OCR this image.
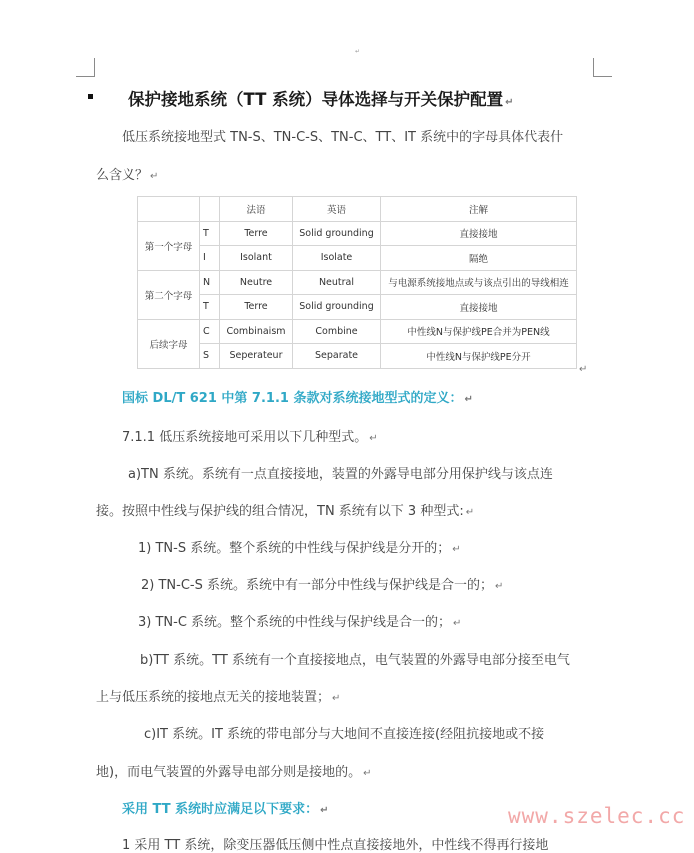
↵
保护接地系统（TT 系统）导体选择与开关保护配置 ↵
低压系统接地型式 TN-S、TN-C-S、TN-C、TT、IT 系统中的字母具体代表什
么含义？ ↵
		法语	英语	注解
第一个字母	T	Terre	Solid grounding	直接接地
	I	Isolant	Isolate	隔绝
第二个字母	N	Neutre	Neutral	与电源系统接地点或与该点引出的导线相连
	T	Terre	Solid grounding	直接接地
后续字母	C	Combinaism	Combine	中性线N与保护线PE合并为PEN线
	S	Seperateur	Separate	中性线N与保护线PE分开
↵
国标 DL/T 621 中第 7.1.1 条款对系统接地型式的定义： ↵
7.1.1 低压系统接地可采用以下几种型式。 ↵
a)TN 系统。系统有一点直接接地，装置的外露导电部分用保护线与该点连
接。按照中性线与保护线的组合情况，TN 系统有以下 3 种型式: ↵
1) TN-S 系统。整个系统的中性线与保护线是分开的； ↵
2) TN-C-S 系统。系统中有一部分中性线与保护线是合一的； ↵
3) TN-C 系统。整个系统的中性线与保护线是合一的； ↵
b)TT 系统。TT 系统有一个直接接地点，电气装置的外露导电部分接至电气
上与低压系统的接地点无关的接地装置； ↵
c)IT 系统。IT 系统的带电部分与大地间不直接连接(经阻抗接地或不接
地)，而电气装置的外露导电部分则是接地的。 ↵
采用 TT 系统时应满足以下要求： ↵
1 采用 TT 系统，除变压器低压侧中性点直接接地外，中性线不得再行接地
www.szelec.cc
